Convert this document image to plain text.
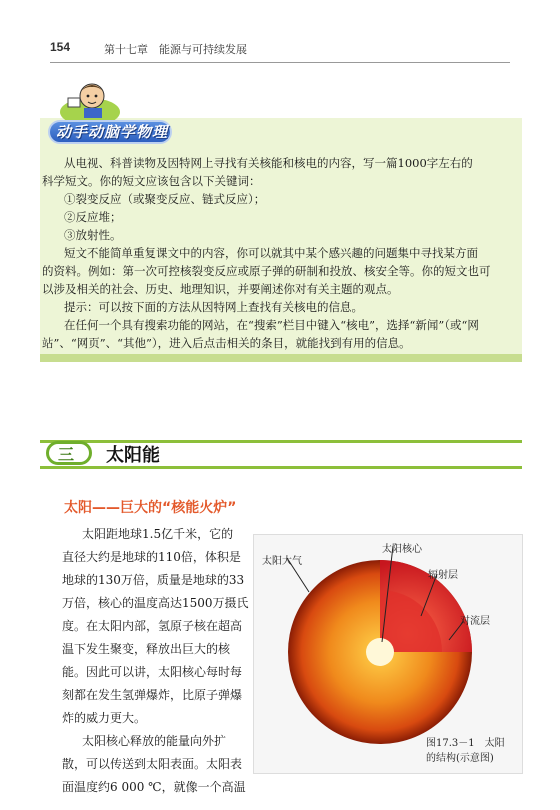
154	第十七章　能源与可持续发展
动手动脑学物理
从电视、科普读物及因特网上寻找有关核能和核电的内容，写一篇1000字左右的
科学短文。你的短文应该包含以下关键词：
①裂变反应（或聚变反应、链式反应）；
②反应堆；
③放射性。
短文不能简单重复课文中的内容，你可以就其中某个感兴趣的问题集中寻找某方面
的资料。例如：第一次可控核裂变反应或原子弹的研制和投放、核安全等。你的短文也可
以涉及相关的社会、历史、地理知识，并要阐述你对有关主题的观点。
提示：可以按下面的方法从因特网上查找有关核电的信息。
在任何一个具有搜索功能的网站，在“搜索”栏目中键入“核电”，选择“新闻”（或“网
站”、“网页”、“其他”），进入后点击相关的条目，就能找到有用的信息。
三 太阳能
太阳——巨大的“核能火炉”
太阳距地球1.5亿千米，它的
直径大约是地球的110倍，体积是
地球的130万倍，质量是地球的33
万倍，核心的温度高达1500万摄氏
度。在太阳内部，氢原子核在超高
温下发生聚变，释放出巨大的核
能。因此可以讲，太阳核心每时每
刻都在发生氢弹爆炸，比原子弹爆
炸的威力更大。
太阳核心释放的能量向外扩
散，可以传送到太阳表面。太阳表
面温度约6 000 ℃，就像一个高温
太阳大气
太阳核心
辐射层
对流层
图17.3－1　太阳
的结构(示意图)
